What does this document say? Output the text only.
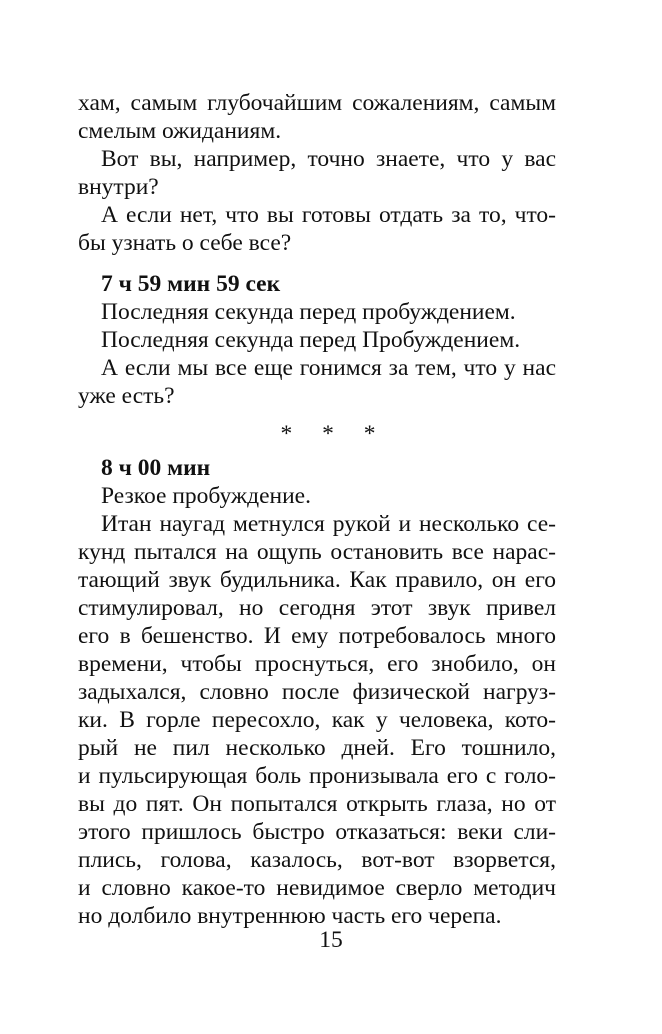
хам, самым глубочайшим сожалениям, самым
смелым ожиданиям.
Вот вы, например, точно знаете, что у вас
внутри?
А если нет, что вы готовы отдать за то, что-
бы узнать о себе все?
7 ч 59 мин 59 сек
Последняя секунда перед пробуждением.
Последняя секунда перед Пробуждением.
А если мы все еще гонимся за тем, что у нас
уже есть?
* * *
8 ч 00 мин
Резкое пробуждение.
Итан наугад метнулся рукой и несколько се-
кунд пытался на ощупь остановить все нарас-
тающий звук будильника. Как правило, он его
стимулировал, но сегодня этот звук привел
его в бешенство. И ему потребовалось много
времени, чтобы проснуться, его знобило, он
задыхался, словно после физической нагруз-
ки. В горле пересохло, как у человека, кото-
рый не пил несколько дней. Его тошнило,
и пульсирующая боль пронизывала его с голо-
вы до пят. Он попытался открыть глаза, но от
этого пришлось быстро отказаться: веки сли-
плись, голова, казалось, вот-вот взорвется,
и словно какое-то невидимое сверло методич
но долбило внутреннюю часть его черепа.
15
